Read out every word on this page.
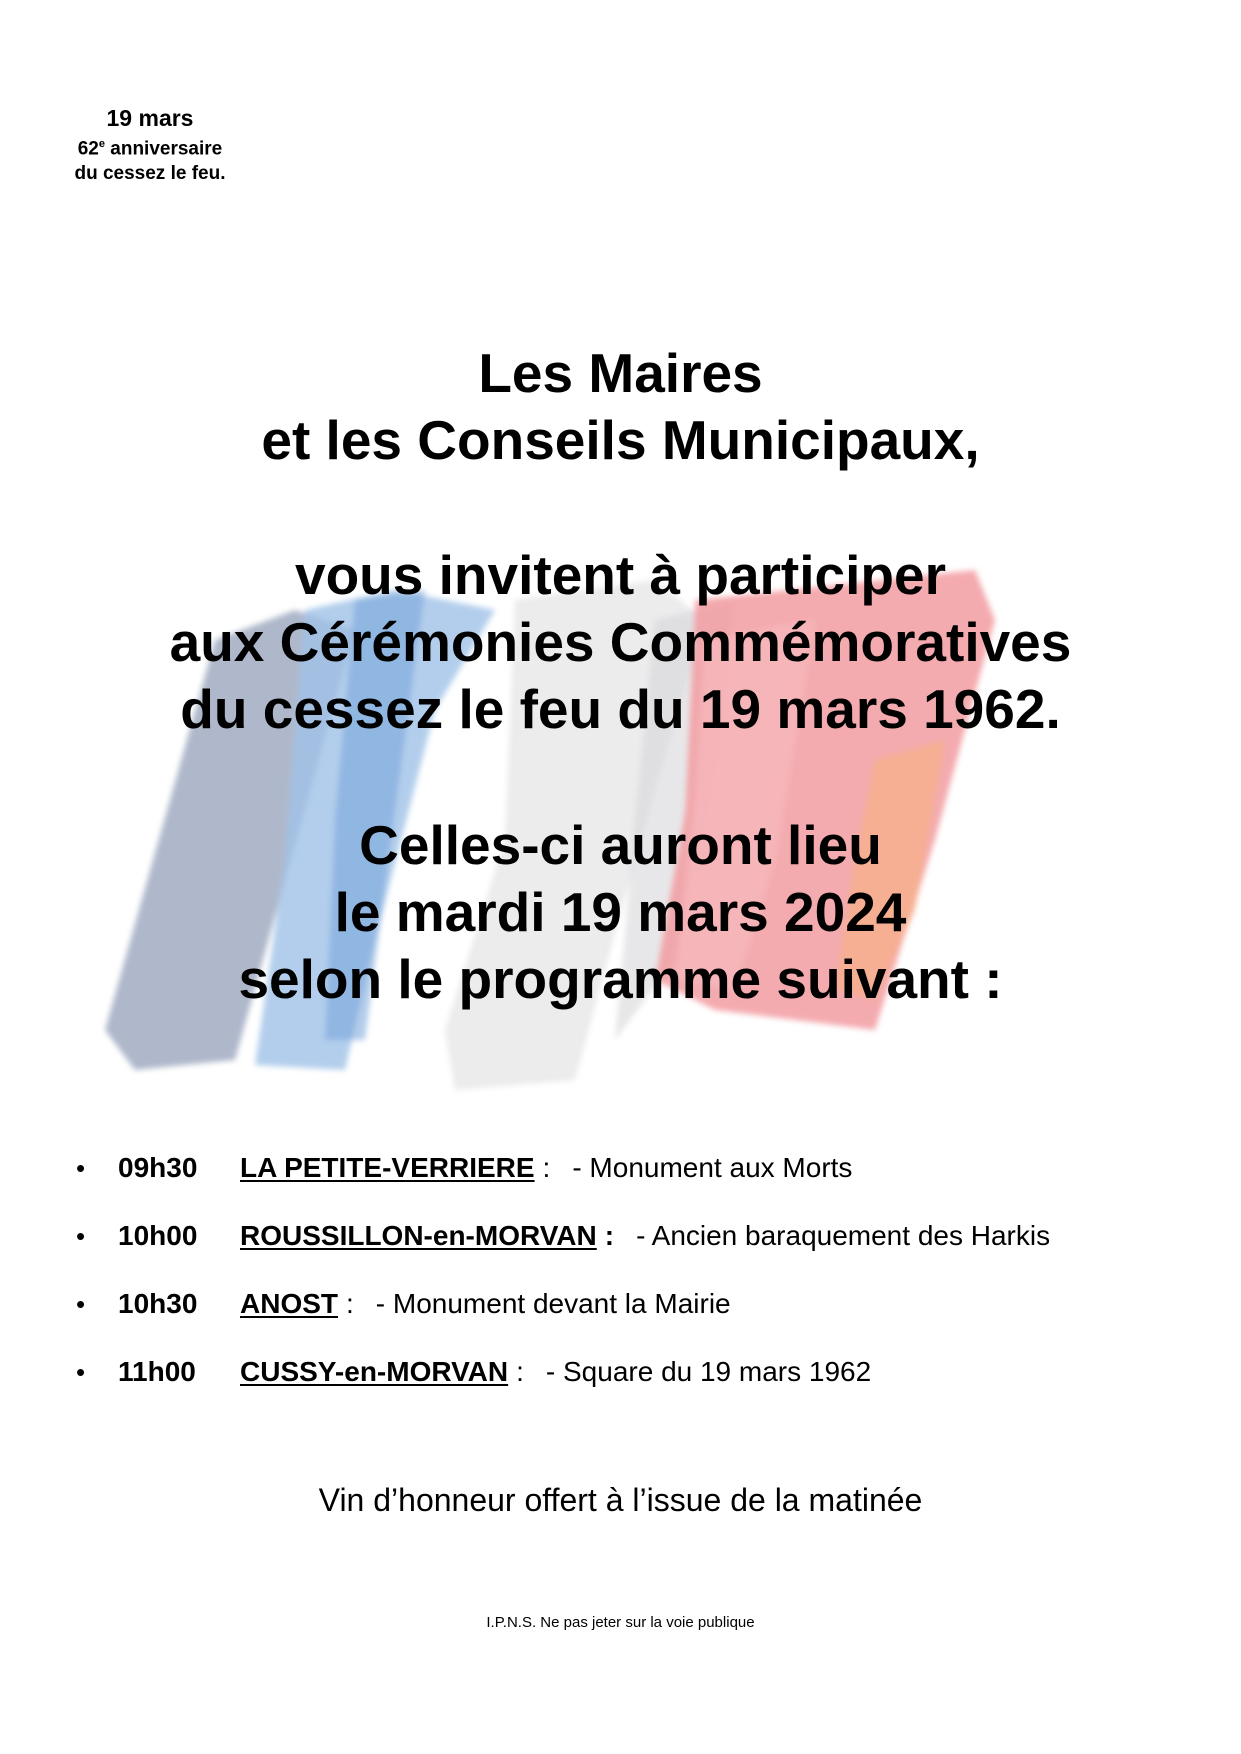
19 mars
62e anniversaire
du cessez le feu.
Les Maires
et les Conseils Municipaux,
vous invitent à participer
aux Cérémonies Commémoratives
du cessez le feu du 19 mars 1962.
Celles-ci auront lieu
le mardi 19 mars 2024
selon le programme suivant :
• 09h30 LA PETITE-VERRIERE : - Monument aux Morts
• 10h00 ROUSSILLON-en-MORVAN : - Ancien baraquement des Harkis
• 10h30 ANOST : - Monument devant la Mairie
• 11h00 CUSSY-en-MORVAN : - Square du 19 mars 1962
Vin d’honneur offert à l’issue de la matinée
I.P.N.S. Ne pas jeter sur la voie publique
